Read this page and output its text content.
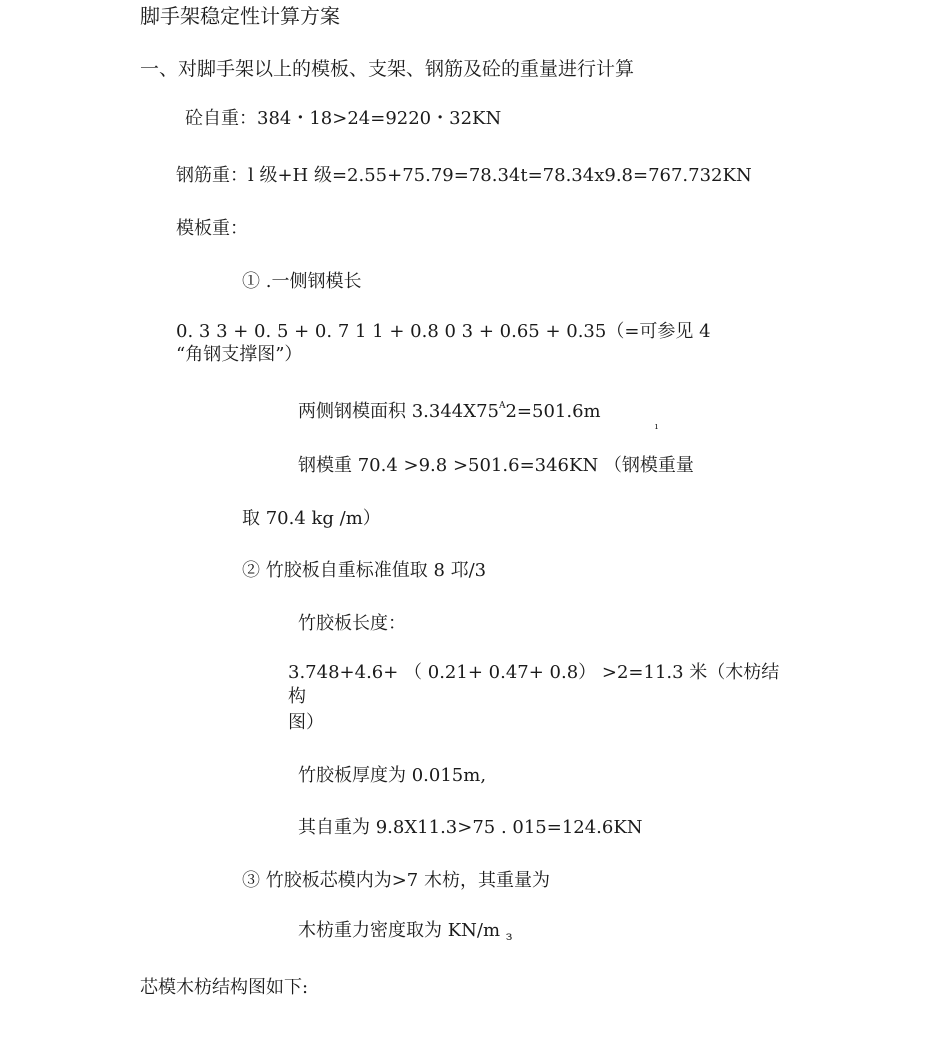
脚手架稳定性计算方案
一、对脚手架以上的模板、支架、钢筋及砼的重量进行计算
砼自重：384・18>24=9220・32KN
钢筋重：l 级+H 级=2.55+75.79=78.34t=78.34x9.8=767.732KN
模板重：
① .一侧钢模长
0. 3 3 + 0. 5 + 0. 7 1 1 + 0.8 0 3 + 0.65 + 0.35（=可参见 4
“角钢支撑图”）
两侧钢模面积 $3.344X75^A2=501.6m$
ı
钢模重 70.4 >9.8 >501.6=346KN （钢模重量
取 70.4 kg /m）
② 竹胶板自重标准值取 8 邛/3
竹胶板长度：
3.748+4.6+ （ 0.21+ 0.47+ 0.8） >2=11.3 米（木枋结
构
图）
竹胶板厚度为 0.015m,
其自重为 9.8X11.3>75 . 015=124.6KN
③ 竹胶板芯模内为>7 木枋，其重量为
木枋重力密度取为 KN/m $_з$
芯模木枋结构图如下:
